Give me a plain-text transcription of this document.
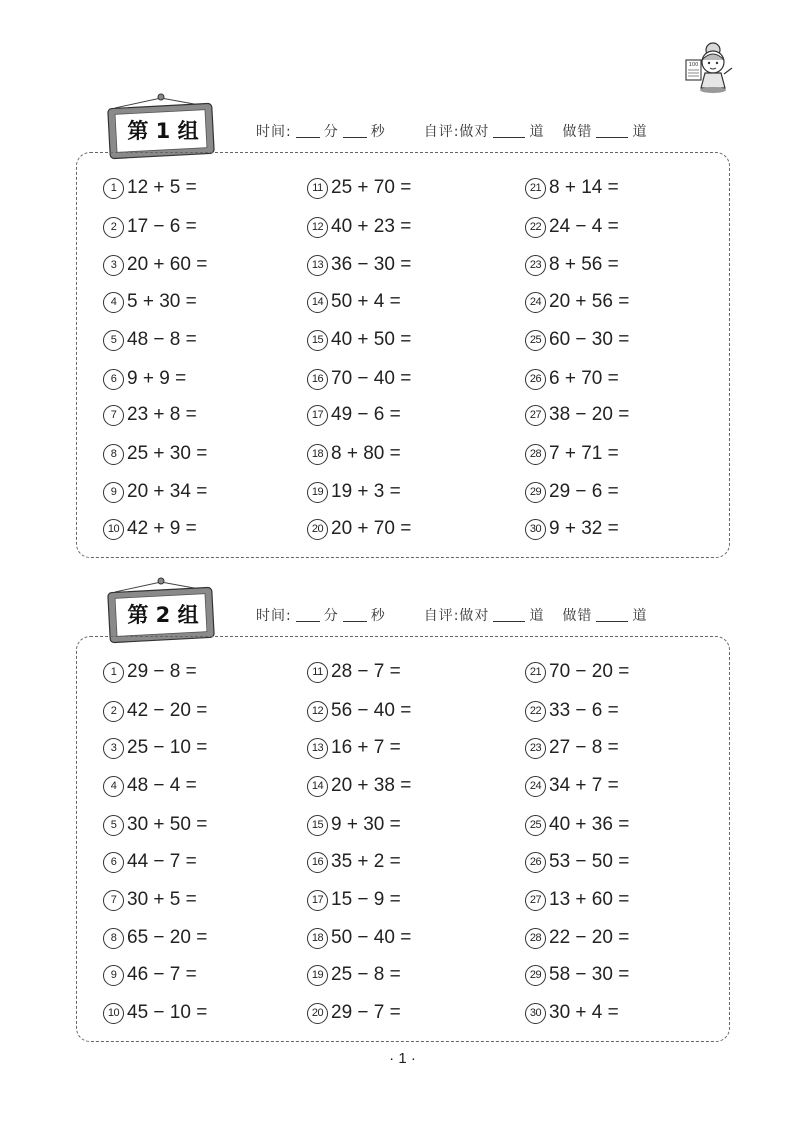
100
第 1 组	时间: 分 秒	自评:做对	道 做错	道
1 12 + 5 =
2 17 − 6 =
3 20 + 60 =
4 5 + 30 =
5 48 − 8 =
6 9 + 9 =
7 23 + 8 =
8 25 + 30 =
9 20 + 34 =
10 42 + 9 =
11 25 + 70 =
12 40 + 23 =
13 36 − 30 =
14 50 + 4 =
15 40 + 50 =
16 70 − 40 =
17 49 − 6 =
18 8 + 80 =
19 19 + 3 =
20 20 + 70 =
21 8 + 14 =
22 24 − 4 =
23 8 + 56 =
24 20 + 56 =
25 60 − 30 =
26 6 + 70 =
27 38 − 20 =
28 7 + 71 =
29 29 − 6 =
30 9 + 32 =
第 2 组	时间: 分 秒	自评:做对	道 做错	道
1 29 − 8 =
2 42 − 20 =
3 25 − 10 =
4 48 − 4 =
5 30 + 50 =
6 44 − 7 =
7 30 + 5 =
8 65 − 20 =
9 46 − 7 =
10 45 − 10 =
11 28 − 7 =
12 56 − 40 =
13 16 + 7 =
14 20 + 38 =
15 9 + 30 =
16 35 + 2 =
17 15 − 9 =
18 50 − 40 =
19 25 − 8 =
20 29 − 7 =
21 70 − 20 =
22 33 − 6 =
23 27 − 8 =
24 34 + 7 =
25 40 + 36 =
26 53 − 50 =
27 13 + 60 =
28 22 − 20 =
29 58 − 30 =
30 30 + 4 =
· 1 ·
